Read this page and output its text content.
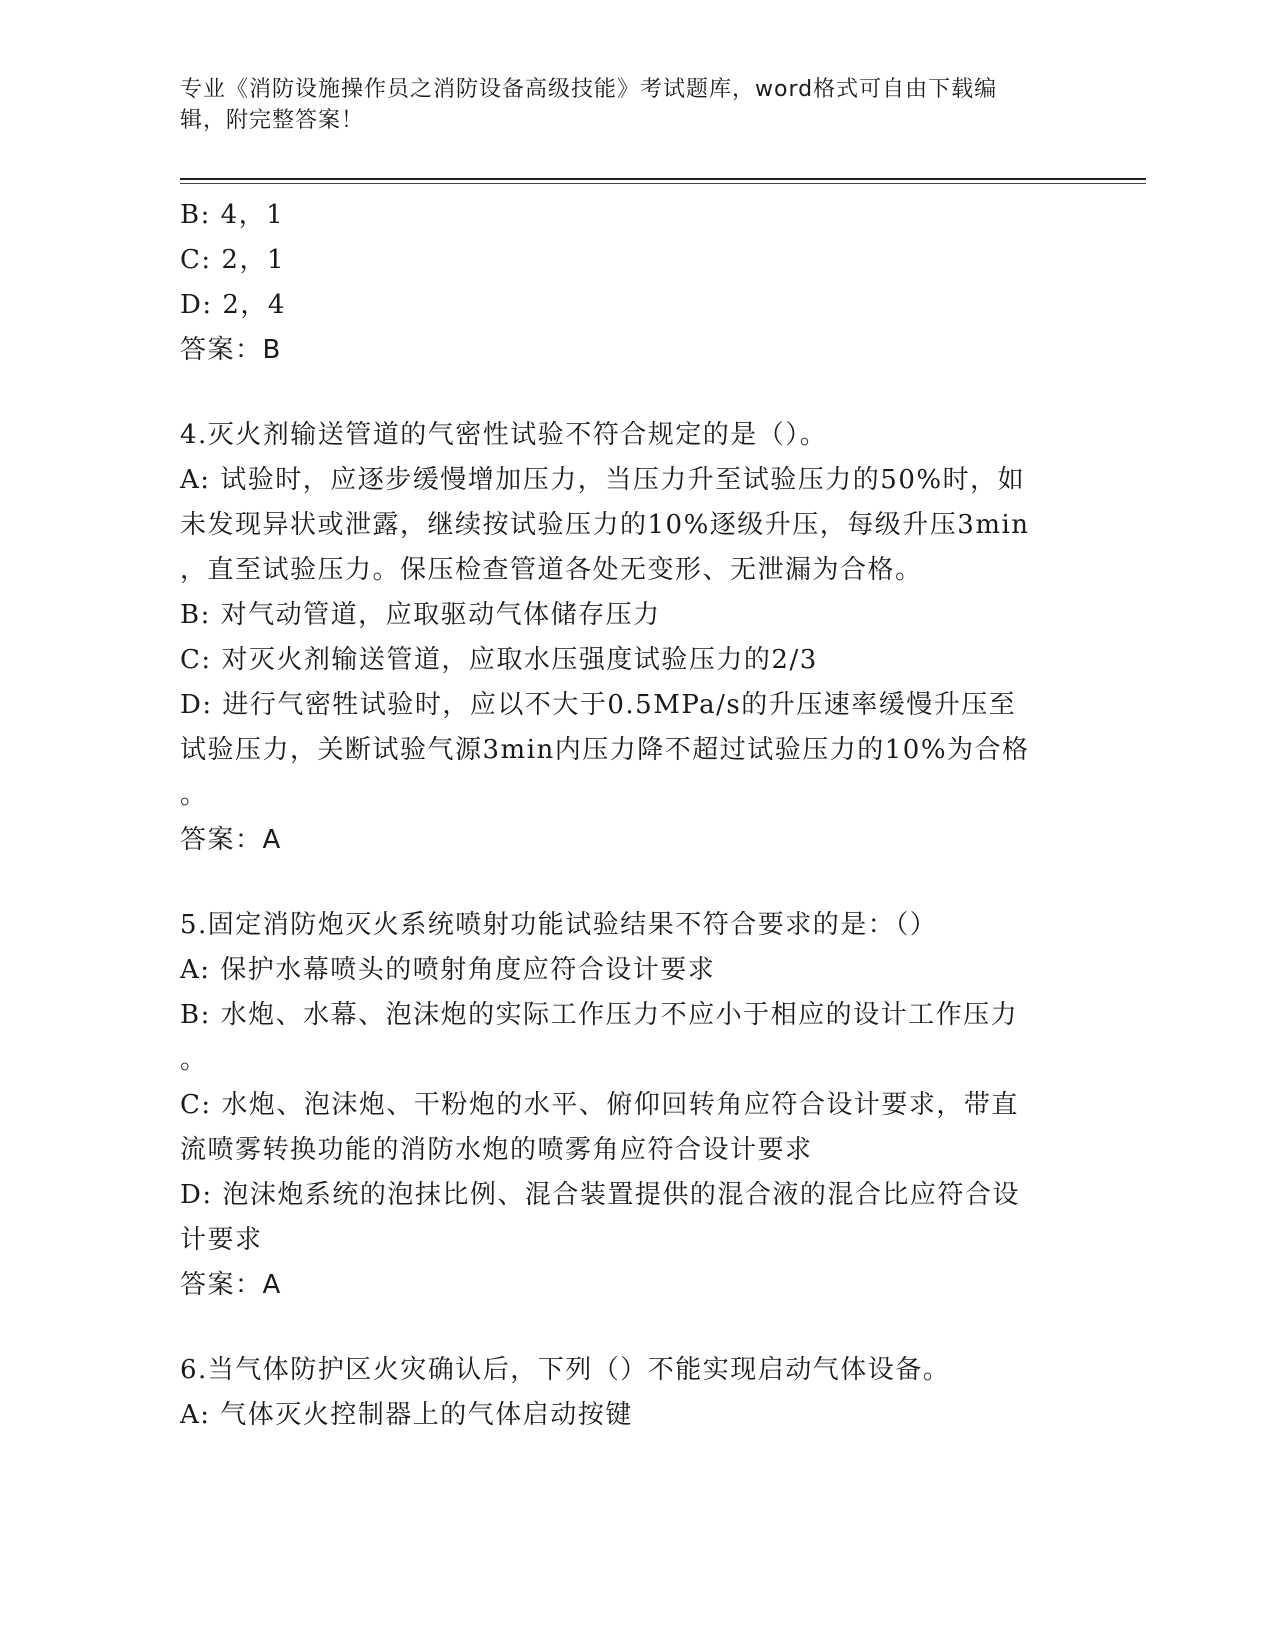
专业《消防设施操作员之消防设备高级技能》考试题库，word格式可自由下载编
辑，附完整答案！
B: 4，1
C: 2，1
D: 2，4
答案：B
4.灭火剂输送管道的气密性试验不符合规定的是（）。
A: 试验时，应逐步缓慢增加压力，当压力升至试验压力的50%时，如
未发现异状或泄露，继续按试验压力的10%逐级升压，每级升压3min
，直至试验压力。保压检查管道各处无变形、无泄漏为合格。
B: 对气动管道，应取驱动气体储存压力
C: 对灭火剂输送管道，应取水压强度试验压力的2/3
D: 进行气密牲试验时，应以不大于0.5MPa/s的升压速率缓慢升压至
试验压力，关断试验气源3min内压力降不超过试验压力的10%为合格
。
答案：A
5.固定消防炮灭火系统喷射功能试验结果不符合要求的是：（）
A: 保护水幕喷头的喷射角度应符合设计要求
B: 水炮、水幕、泡沫炮的实际工作压力不应小于相应的设计工作压力
。
C: 水炮、泡沫炮、干粉炮的水平、俯仰回转角应符合设计要求，带直
流喷雾转换功能的消防水炮的喷雾角应符合设计要求
D: 泡沫炮系统的泡抹比例、混合装置提供的混合液的混合比应符合设
计要求
答案：A
6.当气体防护区火灾确认后，下列（）不能实现启动气体设备。
A: 气体灭火控制器上的气体启动按键
